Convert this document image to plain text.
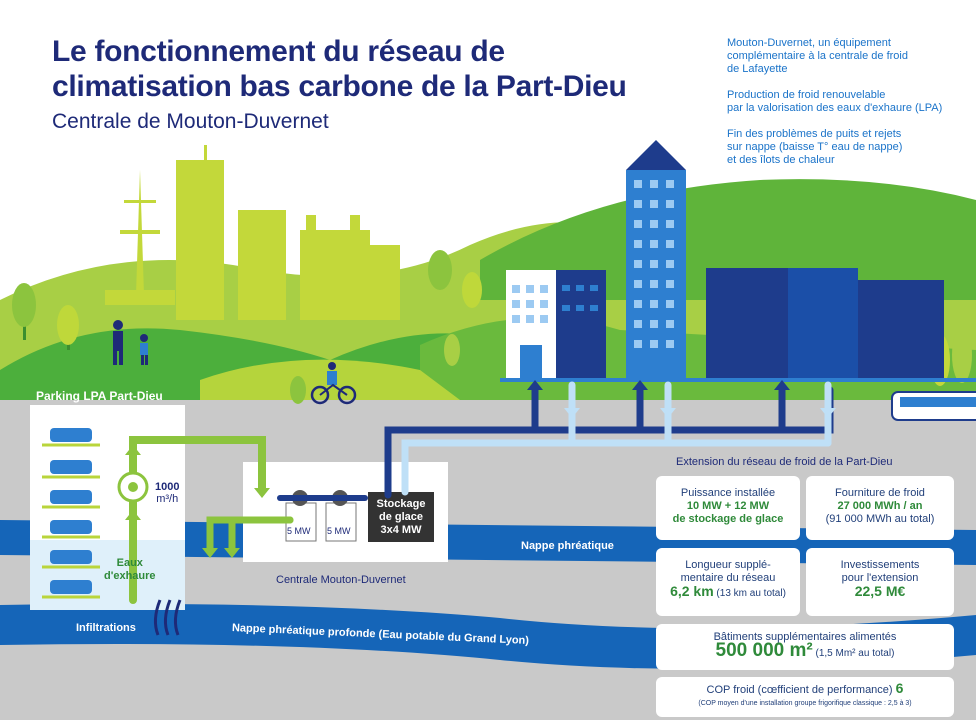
Le fonctionnement du réseau de
climatisation bas carbone de la Part-Dieu
Centrale de Mouton-Duvernet
Mouton-Duvernet, un équipement
complémentaire à la centrale de froid
de Lafayette
Production de froid renouvelable
par la valorisation des eaux d'exhaure (LPA)
Fin des problèmes de puits et rejets
sur nappe (baisse T° eau de nappe)
et des îlots de chaleur
Parking LPA Part-Dieu
1000
m³/h
Eaux
d'exhaure
Infiltrations
5 MW 5 MW
Stockage
de glace
3x4 MW
Centrale Mouton-Duvernet
Nappe phréatique
Nappe phréatique profonde (Eau potable du Grand Lyon)
Extension du réseau de froid de la Part-Dieu
Puissance installée
10 MW + 12 MW
de stockage de glace
Fourniture de froid
27 000 MWh / an
(91 000 MWh au total)
Longueur supplé-
mentaire du réseau
6,2 km (13 km au total)
Investissements
pour l'extension
22,5 M€
Bâtiments supplémentaires alimentés
500 000 m² (1,5 Mm² au total)
COP froid (cœfficient de performance) 6
(COP moyen d'une installation groupe frigorifique classique : 2,5 à 3)
